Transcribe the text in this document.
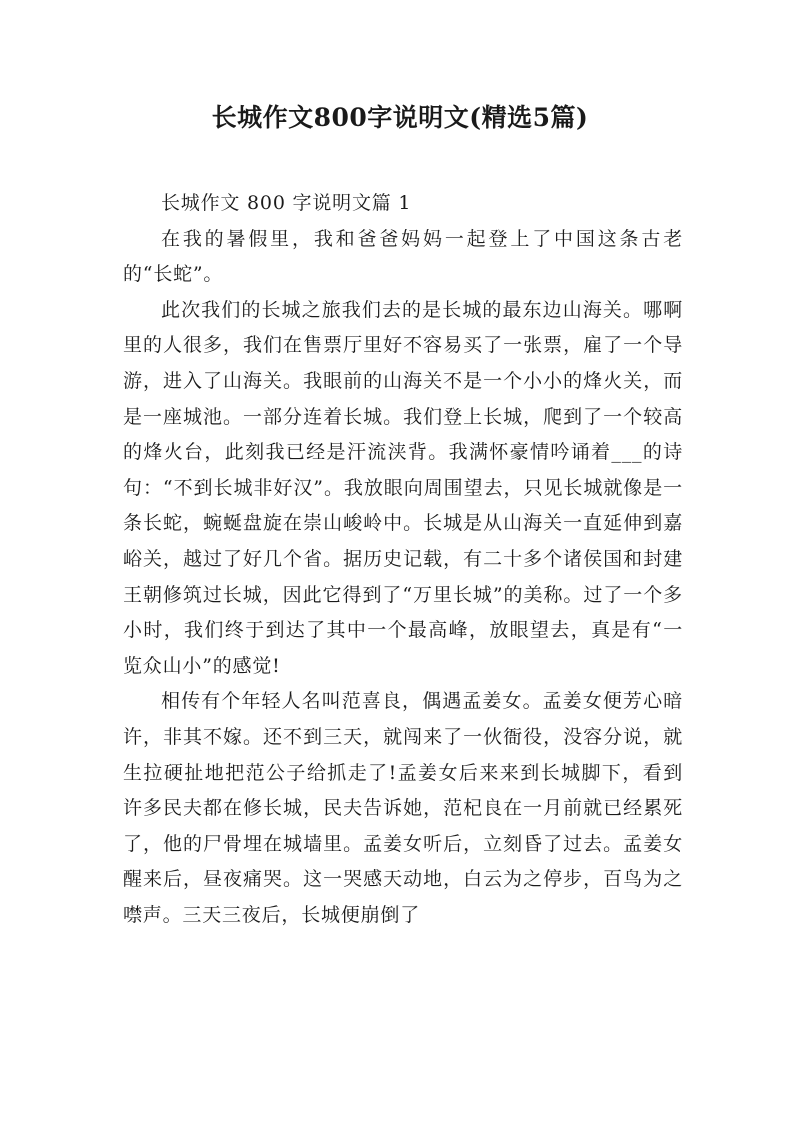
长城作文800字说明文(精选5篇)

长城作文 800 字说明文篇 1

在我的暑假里，我和爸爸妈妈一起登上了中国这条古老的“长蛇”。

此次我们的长城之旅我们去的是长城的最东边山海关。哪啊里的人很多，我们在售票厅里好不容易买了一张票，雇了一个导游，进入了山海关。我眼前的山海关不是一个小小的烽火关，而是一座城池。一部分连着长城。我们登上长城，爬到了一个较高的烽火台，此刻我已经是汗流浃背。我满怀豪情吟诵着___的诗句：“不到长城非好汉”。我放眼向周围望去，只见长城就像是一条长蛇，蜿蜒盘旋在崇山峻岭中。长城是从山海关一直延伸到嘉峪关，越过了好几个省。据历史记载，有二十多个诸侯国和封建王朝修筑过长城，因此它得到了“万里长城”的美称。过了一个多小时，我们终于到达了其中一个最高峰，放眼望去，真是有“一览众山小”的感觉!

相传有个年轻人名叫范喜良，偶遇孟姜女。孟姜女便芳心暗许，非其不嫁。还不到三天，就闯来了一伙衙役，没容分说，就生拉硬扯地把范公子给抓走了!孟姜女后来来到长城脚下，看到许多民夫都在修长城，民夫告诉她，范杞良在一月前就已经累死了，他的尸骨埋在城墙里。孟姜女听后，立刻昏了过去。孟姜女醒来后，昼夜痛哭。这一哭感天动地，白云为之停步，百鸟为之噤声。三天三夜后，长城便崩倒了
